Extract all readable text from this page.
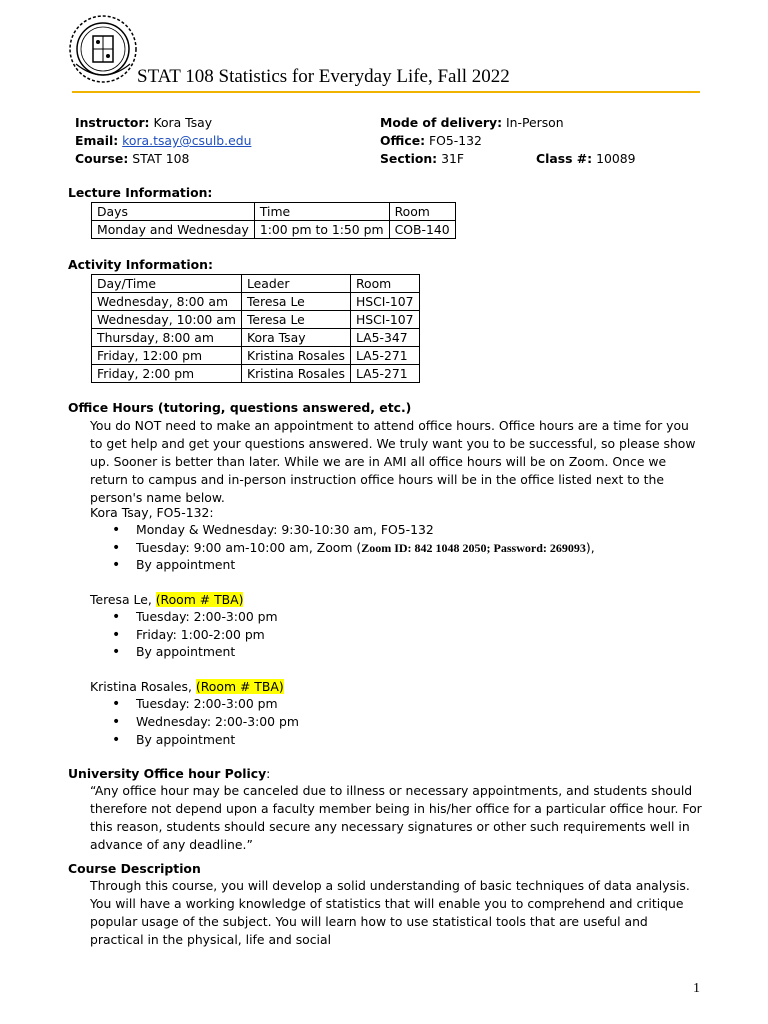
STAT 108 Statistics for Everyday Life, Fall 2022
Instructor: Kora Tsay
Email: kora.tsay@csulb.edu
Course: STAT 108
Mode of delivery: In-Person
Office: FO5-132
Section: 31F	Class #: 10089
Lecture Information:
Days	Time	Room
Monday and Wednesday	1:00 pm to 1:50 pm	COB-140
Activity Information:
Day/Time	Leader	Room
Wednesday, 8:00 am	Teresa Le	HSCI-107
Wednesday, 10:00 am	Teresa Le	HSCI-107
Thursday, 8:00 am	Kora Tsay	LA5-347
Friday, 12:00 pm	Kristina Rosales	LA5-271
Friday, 2:00 pm	Kristina Rosales	LA5-271
Office Hours (tutoring, questions answered, etc.)
You do NOT need to make an appointment to attend office hours. Office hours are a time for you to get help and get your questions answered. We truly want you to be successful, so please show up. Sooner is better than later. While we are in AMI all office hours will be on Zoom. Once we return to campus and in-person instruction office hours will be in the office listed next to the person's name below.
Kora Tsay, FO5-132:
• Monday & Wednesday: 9:30-10:30 am, FO5-132
• Tuesday: 9:00 am-10:00 am, Zoom (Zoom ID: 842 1048 2050; Password: 269093),
• By appointment
Teresa Le, (Room # TBA)
• Tuesday: 2:00-3:00 pm
• Friday: 1:00-2:00 pm
• By appointment
Kristina Rosales, (Room # TBA)
• Tuesday: 2:00-3:00 pm
• Wednesday: 2:00-3:00 pm
• By appointment
University Office hour Policy:
“Any office hour may be canceled due to illness or necessary appointments, and students should therefore not depend upon a faculty member being in his/her office for a particular office hour. For this reason, students should secure any necessary signatures or other such requirements well in advance of any deadline.”
Course Description
Through this course, you will develop a solid understanding of basic techniques of data analysis. You will have a working knowledge of statistics that will enable you to comprehend and critique popular usage of the subject. You will learn how to use statistical tools that are useful and practical in the physical, life and social
1
